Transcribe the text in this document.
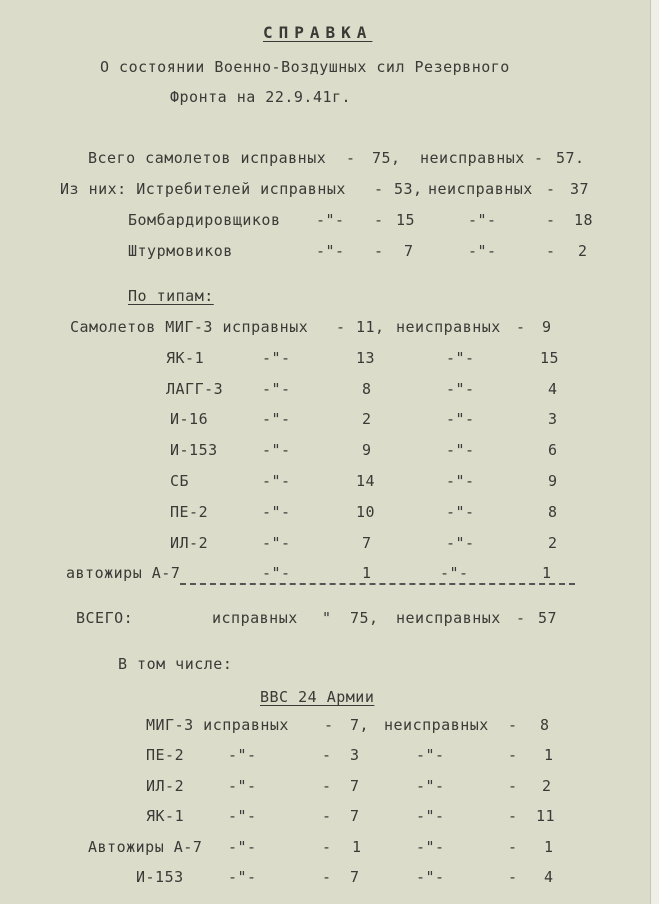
СПРАВКА
О состоянии Военно-Воздушных сил Резервного
Фронта на 22.9.41г.
Всего самолетов исправных - 75, неисправных - 57.
Из них: Истребителей исправных - 53, неисправных - 37
Бомбардировщиков -"- - 15	-"-	- 18
Штурмовиков	-"- - 7	-"-	- 2
По типам:
Самолетов МИГ-3 исправных - 11, неисправных - 9
ЯК-1	-"-	13	-"-	15
ЛАГГ-3	-"-	8	-"-	4
И-16	-"-	2	-"-	3
И-153	-"-	9	-"-	6
СБ	-"-	14	-"-	9
ПЕ-2	-"-	10	-"-	8
ИЛ-2	-"-	7	-"-	2
автожиры А-7	-"-	1	-"-	1
ВСЕГО:	исправных " 75, неисправных - 57
В том числе:
ВВС 24 Армии
МИГ-3 исправных - 7, неисправных - 8
ПЕ-2	-"-	- 3	-"-	- 1
ИЛ-2	-"-	- 7	-"-	- 2
ЯК-1	-"-	- 7	-"-	- 11
Автожиры А-7 -"-	- 1	-"-	- 1
И-153	-"-	- 7	-"-	- 4
